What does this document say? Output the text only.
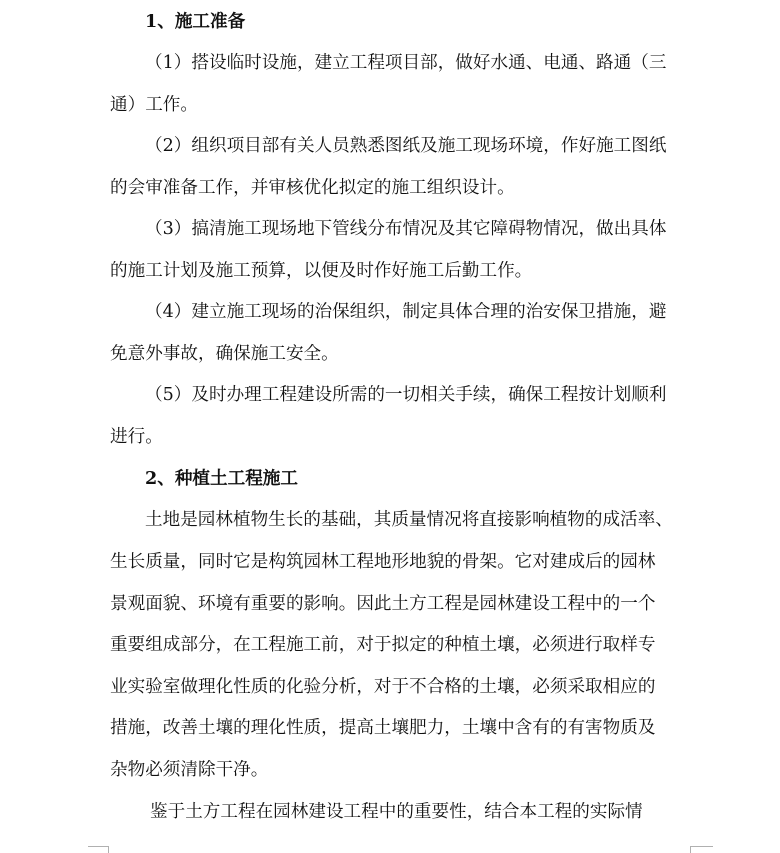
1、施工准备
（1）搭设临时设施，建立工程项目部，做好水通、电通、路通（三
通）工作。
（2）组织项目部有关人员熟悉图纸及施工现场环境，作好施工图纸
的会审准备工作，并审核优化拟定的施工组织设计。
（3）搞清施工现场地下管线分布情况及其它障碍物情况，做出具体
的施工计划及施工预算，以便及时作好施工后勤工作。
（4）建立施工现场的治保组织，制定具体合理的治安保卫措施，避
免意外事故，确保施工安全。
（5）及时办理工程建设所需的一切相关手续，确保工程按计划顺利
进行。
2、种植土工程施工
土地是园林植物生长的基础，其质量情况将直接影响植物的成活率、
生长质量，同时它是构筑园林工程地形地貌的骨架。它对建成后的园林
景观面貌、环境有重要的影响。因此土方工程是园林建设工程中的一个
重要组成部分，在工程施工前，对于拟定的种植土壤，必须进行取样专
业实验室做理化性质的化验分析，对于不合格的土壤，必须采取相应的
措施，改善土壤的理化性质，提高土壤肥力，土壤中含有的有害物质及
杂物必须清除干净。
鉴于土方工程在园林建设工程中的重要性，结合本工程的实际情
